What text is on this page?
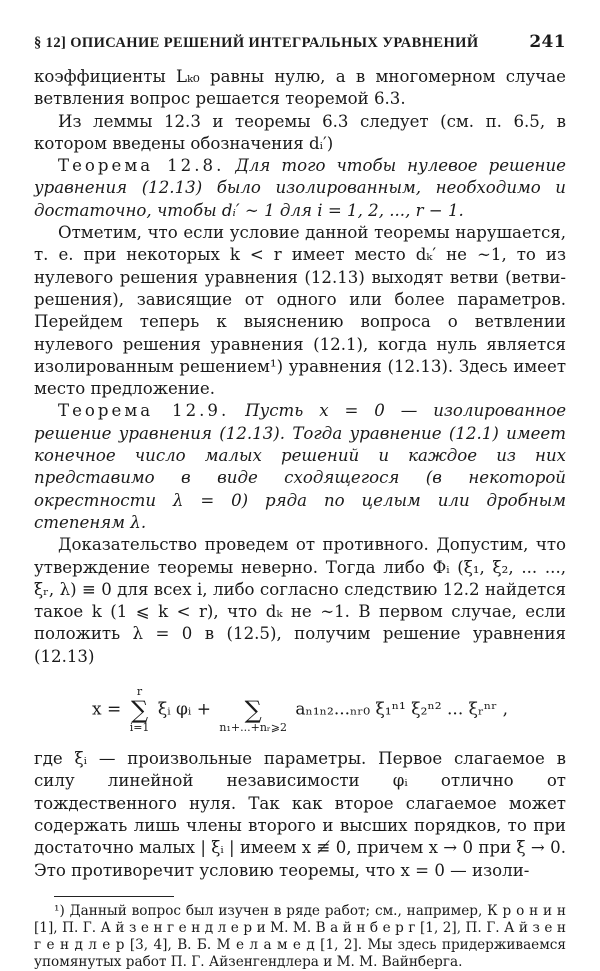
§ 12] ОПИСАНИЕ РЕШЕНИЙ ИНТЕГРАЛЬНЫХ УРАВНЕНИЙ	241

коэффициенты Lₖ₀ равны нулю, а в многомерном случае ветвления вопрос решается теоремой 6.3.

Из леммы 12.3 и теоремы 6.3 следует (см. п. 6.5, в котором введены обозначения dᵢ′)

Теорема 12.8. Для того чтобы нулевое решение уравнения (12.13) было изолированным, необходимо и достаточно, чтобы dᵢ′ ∼ 1 для i = 1, 2, ..., r − 1.

Отметим, что если условие данной теоремы нарушается, т. е. при некоторых k < r имеет место dₖ′ не ∼1, то из нулевого решения уравнения (12.13) выходят ветви (ветви-решения), зависящие от одного или более параметров. Перейдем теперь к выяснению вопроса о ветвлении нулевого решения уравнения (12.1), когда нуль является изолированным решением¹) уравнения (12.13). Здесь имеет место предложение.

Теорема 12.9. Пусть x = 0 — изолированное решение уравнения (12.13). Тогда уравнение (12.1) имеет конечное число малых решений и каждое из них представимо в виде сходящегося (в некоторой окрестности λ = 0) ряда по целым или дробным степеням λ.

Доказательство проведем от противного. Допустим, что утверждение теоремы неверно. Тогда либо Φᵢ (ξ₁, ξ₂, ... ..., ξᵣ, λ) ≡ 0 для всех i, либо согласно следствию 12.2 найдется такое k (1 ⩽ k < r), что dₖ не ∼1. В первом случае, если положить λ = 0 в (12.5), получим решение уравнения (12.13)

x =
r
∑
i=1
ξᵢ φᵢ +
	∑
n₁+...+nᵣ⩾2
aₙ₁ₙ₂...ₙᵣ₀ ξ₁ⁿ¹ ξ₂ⁿ² ... ξᵣⁿʳ ,

где ξᵢ — произвольные параметры. Первое слагаемое в силу линейной независимости φᵢ отлично от тождественного нуля. Так как второе слагаемое может содержать лишь члены второго и высших порядков, то при достаточно малых | ξᵢ | имеем x ≢ 0, причем x → 0 при ξ → 0. Это противоречит условию теоремы, что x = 0 — изоли-

¹) Данный вопрос был изучен в ряде работ; см., например, К р о н и н [1], П. Г. А й з е н г е н д л е р и М. М. В а й н б е р г [1, 2], П. Г. А й з е н г е н д л е р [3, 4], В. Б. М е л а м е д [1, 2]. Мы здесь придерживаемся упомянутых работ П. Г. Айзенгендлера и М. М. Вайнберга.
